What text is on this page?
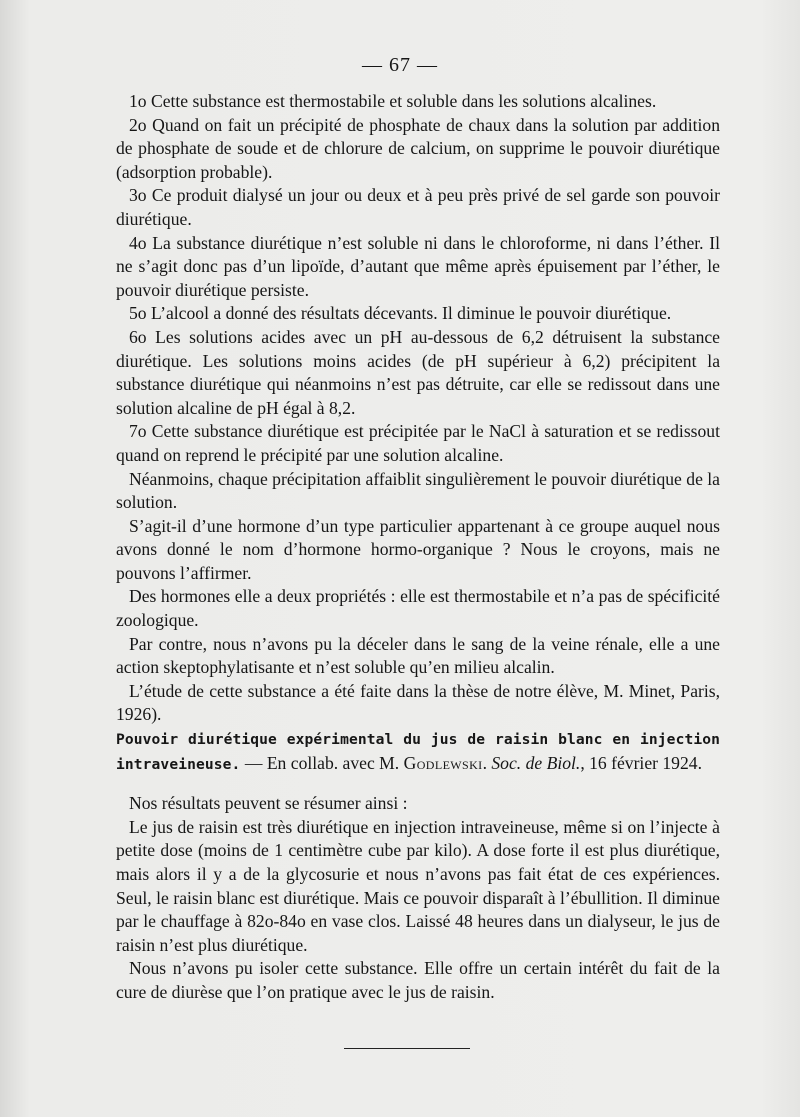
— 67 —

1o Cette substance est thermostabile et soluble dans les solutions alcalines.

2o Quand on fait un précipité de phosphate de chaux dans la solution par addition de phosphate de soude et de chlorure de calcium, on supprime le pouvoir diurétique (adsorption probable).

3o Ce produit dialysé un jour ou deux et à peu près privé de sel garde son pouvoir diurétique.

4o La substance diurétique n’est soluble ni dans le chloroforme, ni dans l’éther. Il ne s’agit donc pas d’un lipoïde, d’autant que même après épuisement par l’éther, le pouvoir diurétique persiste.

5o L’alcool a donné des résultats décevants. Il diminue le pouvoir diurétique.

6o Les solutions acides avec un pH au-dessous de 6,2 détruisent la substance diurétique. Les solutions moins acides (de pH supérieur à 6,2) précipitent la substance diurétique qui néanmoins n’est pas détruite, car elle se redissout dans une solution alcaline de pH égal à 8,2.

7o Cette substance diurétique est précipitée par le NaCl à saturation et se redissout quand on reprend le précipité par une solution alcaline.

Néanmoins, chaque précipitation affaiblit singulièrement le pouvoir diurétique de la solution.

S’agit-il d’une hormone d’un type particulier appartenant à ce groupe auquel nous avons donné le nom d’hormone hormo-organique ? Nous le croyons, mais ne pouvons l’affirmer.

Des hormones elle a deux propriétés : elle est thermostabile et n’a pas de spécificité zoologique.

Par contre, nous n’avons pu la déceler dans le sang de la veine rénale, elle a une action skeptophylatisante et n’est soluble qu’en milieu alcalin.

L’étude de cette substance a été faite dans la thèse de notre élève, M. Minet, Paris, 1926).

Pouvoir diurétique expérimental du jus de raisin blanc en injection intraveineuse. — En collab. avec M. Godlewski. Soc. de Biol., 16 février 1924.

Nos résultats peuvent se résumer ainsi :

Le jus de raisin est très diurétique en injection intraveineuse, même si on l’injecte à petite dose (moins de 1 centimètre cube par kilo). A dose forte il est plus diurétique, mais alors il y a de la glycosurie et nous n’avons pas fait état de ces expériences. Seul, le raisin blanc est diurétique. Mais ce pouvoir disparaît à l’ébullition. Il diminue par le chauffage à 82o-84o en vase clos. Laissé 48 heures dans un dialyseur, le jus de raisin n’est plus diurétique.

Nous n’avons pu isoler cette substance. Elle offre un certain intérêt du fait de la cure de diurèse que l’on pratique avec le jus de raisin.
